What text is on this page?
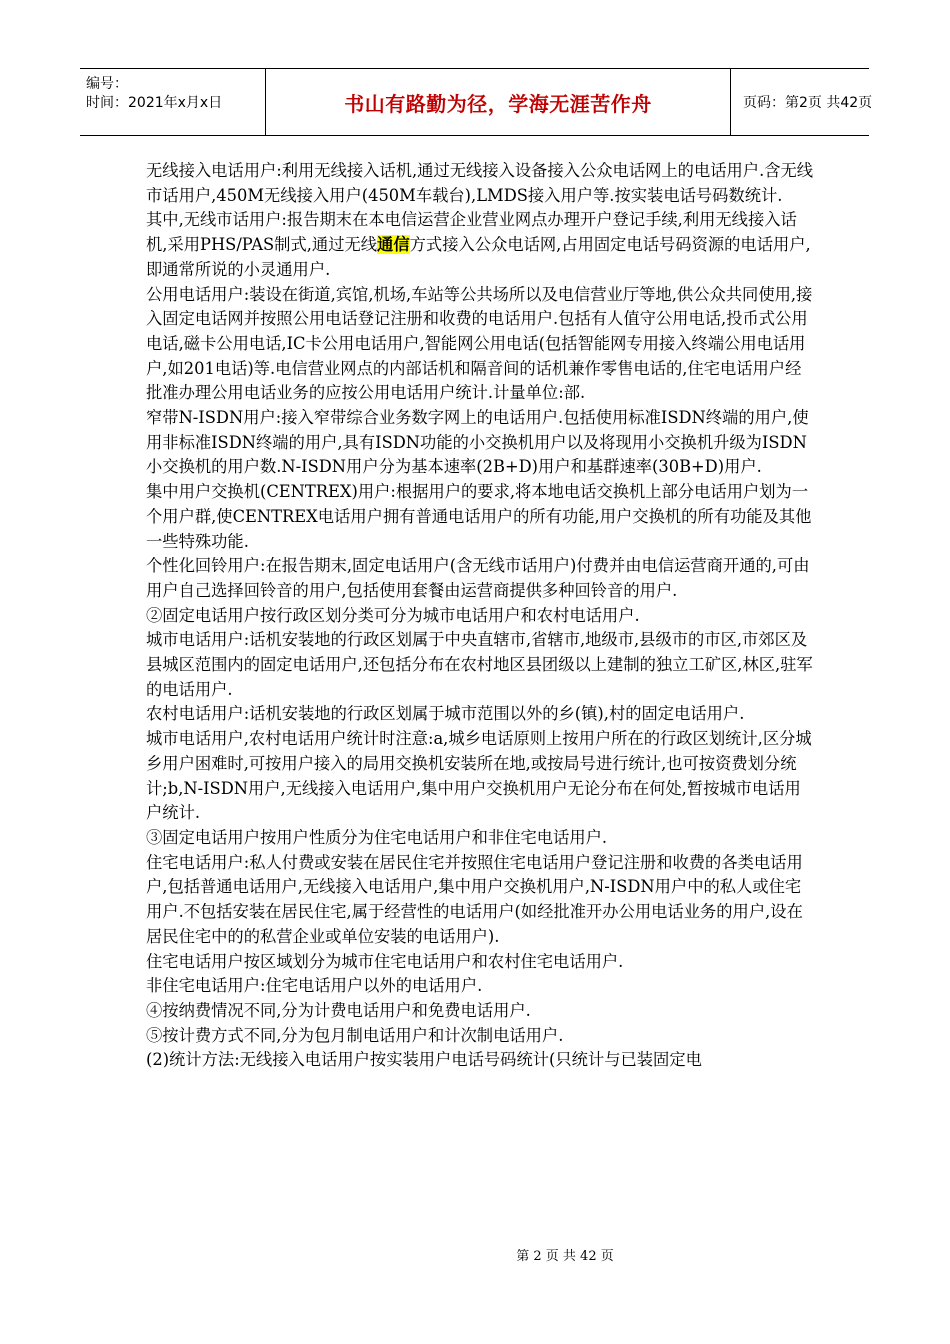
编号：
时间：2021年x月x日	书山有路勤为径，学海无涯苦作舟	页码：第2页 共42页

无线接入电话用户:利用无线接入话机,通过无线接入设备接入公众电话网上的电话用户.含无线市话用户,450M无线接入用户(450M车载台),LMDS接入用户等.按实装电话号码数统计.

其中,无线市话用户:报告期末在本电信运营企业营业网点办理开户登记手续,利用无线接入话机,采用PHS/PAS制式,通过无线通信方式接入公众电话网,占用固定电话号码资源的电话用户,即通常所说的小灵通用户.

公用电话用户:装设在街道,宾馆,机场,车站等公共场所以及电信营业厅等地,供公众共同使用,接入固定电话网并按照公用电话登记注册和收费的电话用户.包括有人值守公用电话,投币式公用电话,磁卡公用电话,IC卡公用电话用户,智能网公用电话(包括智能网专用接入终端公用电话用户,如201电话)等.电信营业网点的内部话机和隔音间的话机兼作零售电话的,住宅电话用户经批准办理公用电话业务的应按公用电话用户统计.计量单位:部.

窄带N-ISDN用户:接入窄带综合业务数字网上的电话用户.包括使用标准ISDN终端的用户,使用非标准ISDN终端的用户,具有ISDN功能的小交换机用户以及将现用小交换机升级为ISDN小交换机的用户数.N-ISDN用户分为基本速率(2B+D)用户和基群速率(30B+D)用户.

集中用户交换机(CENTREX)用户:根据用户的要求,将本地电话交换机上部分电话用户划为一个用户群,使CENTREX电话用户拥有普通电话用户的所有功能,用户交换机的所有功能及其他一些特殊功能.

个性化回铃用户:在报告期末,固定电话用户(含无线市话用户)付费并由电信运营商开通的,可由用户自己选择回铃音的用户,包括使用套餐由运营商提供多种回铃音的用户.

②固定电话用户按行政区划分类可分为城市电话用户和农村电话用户.

城市电话用户:话机安装地的行政区划属于中央直辖市,省辖市,地级市,县级市的市区,市郊区及县城区范围内的固定电话用户,还包括分布在农村地区县团级以上建制的独立工矿区,林区,驻军的电话用户.

农村电话用户:话机安装地的行政区划属于城市范围以外的乡(镇),村的固定电话用户.

城市电话用户,农村电话用户统计时注意:a,城乡电话原则上按用户所在的行政区划统计,区分城乡用户困难时,可按用户接入的局用交换机安装所在地,或按局号进行统计,也可按资费划分统计;b,N-ISDN用户,无线接入电话用户,集中用户交换机用户无论分布在何处,暂按城市电话用户统计.

③固定电话用户按用户性质分为住宅电话用户和非住宅电话用户.

住宅电话用户:私人付费或安装在居民住宅并按照住宅电话用户登记注册和收费的各类电话用户,包括普通电话用户,无线接入电话用户,集中用户交换机用户,N-ISDN用户中的私人或住宅用户.不包括安装在居民住宅,属于经营性的电话用户(如经批准开办公用电话业务的用户,设在居民住宅中的的私营企业或单位安装的电话用户).

住宅电话用户按区域划分为城市住宅电话用户和农村住宅电话用户.

非住宅电话用户:住宅电话用户以外的电话用户.

④按纳费情况不同,分为计费电话用户和免费电话用户.

⑤按计费方式不同,分为包月制电话用户和计次制电话用户.

(2)统计方法:无线接入电话用户按实装用户电话号码统计(只统计与已装固定电

第 2 页 共 42 页
